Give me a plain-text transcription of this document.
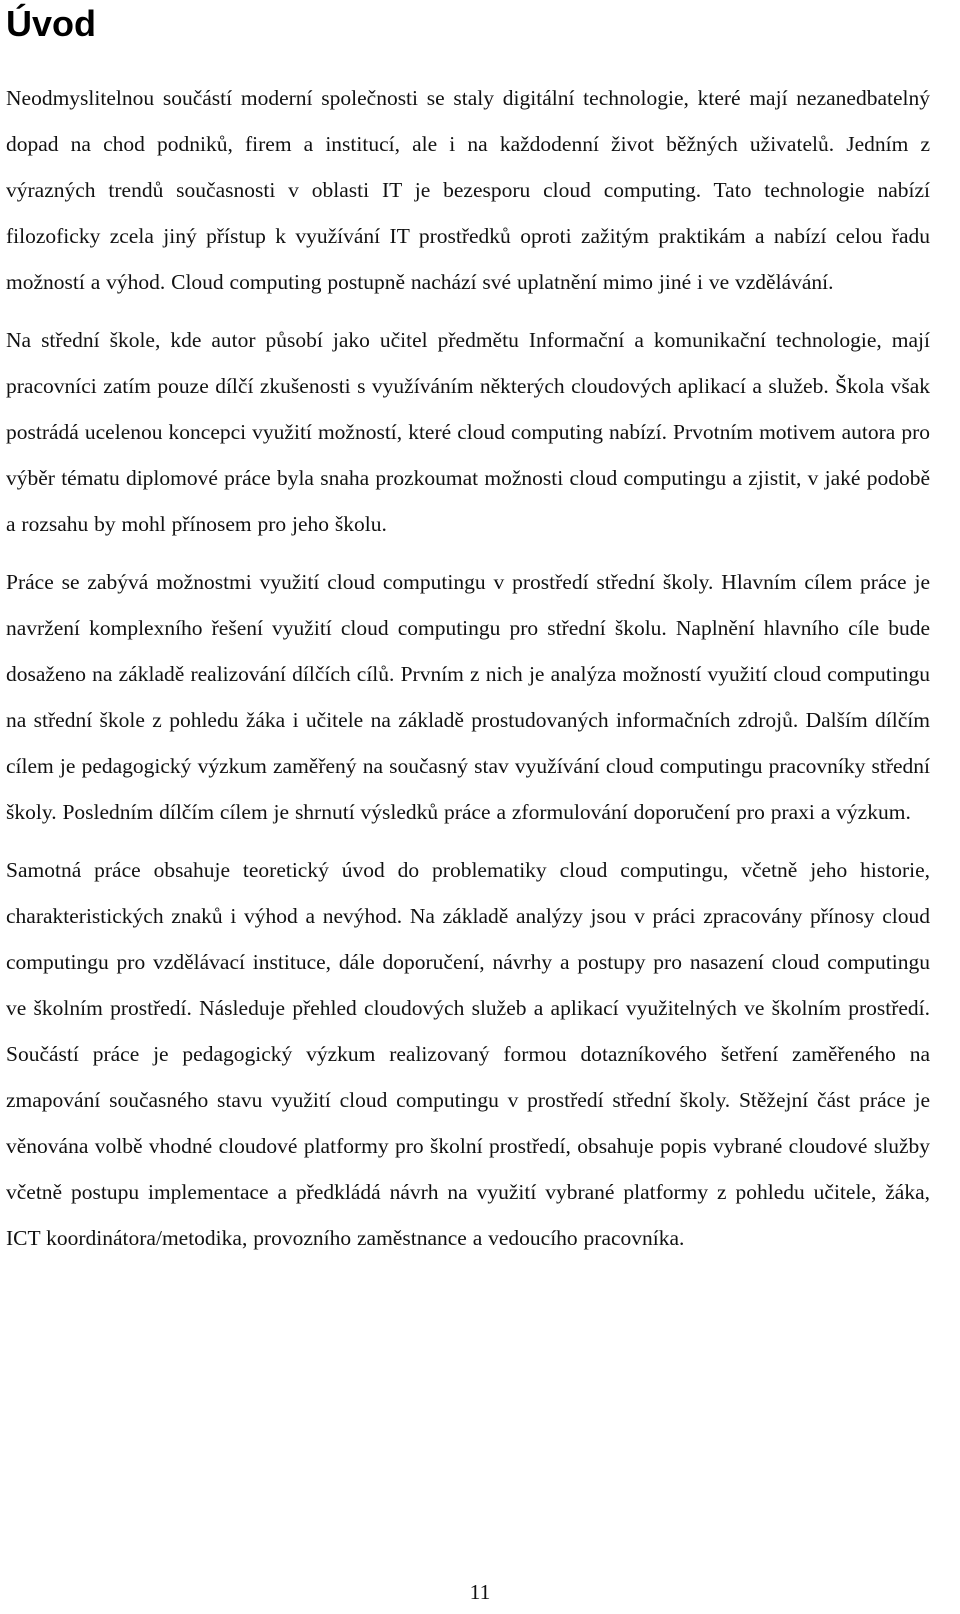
Úvod

Neodmyslitelnou součástí moderní společnosti se staly digitální technologie, které mají nezanedbatelný dopad na chod podniků, firem a institucí, ale i na každodenní život běžných uživatelů. Jedním z výrazných trendů současnosti v oblasti IT je bezesporu cloud computing. Tato technologie nabízí filozoficky zcela jiný přístup k využívání IT prostředků oproti zažitým praktikám a nabízí celou řadu možností a výhod. Cloud computing postupně nachází své uplatnění mimo jiné i ve vzdělávání.

Na střední škole, kde autor působí jako učitel předmětu Informační a komunikační technologie, mají pracovníci zatím pouze dílčí zkušenosti s využíváním některých cloudových aplikací a služeb. Škola však postrádá ucelenou koncepci využití možností, které cloud computing nabízí. Prvotním motivem autora pro výběr tématu diplomové práce byla snaha prozkoumat možnosti cloud computingu a zjistit, v jaké podobě a rozsahu by mohl přínosem pro jeho školu.

Práce se zabývá možnostmi využití cloud computingu v prostředí střední školy. Hlavním cílem práce je navržení komplexního řešení využití cloud computingu pro střední školu. Naplnění hlavního cíle bude dosaženo na základě realizování dílčích cílů. Prvním z nich je analýza možností využití cloud computingu na střední škole z pohledu žáka i učitele na základě prostudovaných informačních zdrojů. Dalším dílčím cílem je pedagogický výzkum zaměřený na současný stav využívání cloud computingu pracovníky střední školy. Posledním dílčím cílem je shrnutí výsledků práce a zformulování doporučení pro praxi a výzkum.

Samotná práce obsahuje teoretický úvod do problematiky cloud computingu, včetně jeho historie, charakteristických znaků i výhod a nevýhod. Na základě analýzy jsou v práci zpracovány přínosy cloud computingu pro vzdělávací instituce, dále doporučení, návrhy a postupy pro nasazení cloud computingu ve školním prostředí. Následuje přehled cloudových služeb a aplikací využitelných ve školním prostředí. Součástí práce je pedagogický výzkum realizovaný formou dotazníkového šetření zaměřeného na zmapování současného stavu využití cloud computingu v prostředí střední školy. Stěžejní část práce je věnována volbě vhodné cloudové platformy pro školní prostředí, obsahuje popis vybrané cloudové služby včetně postupu implementace a předkládá návrh na využití vybrané platformy z pohledu učitele, žáka, ICT koordinátora/metodika, provozního zaměstnance a vedoucího pracovníka.

11
